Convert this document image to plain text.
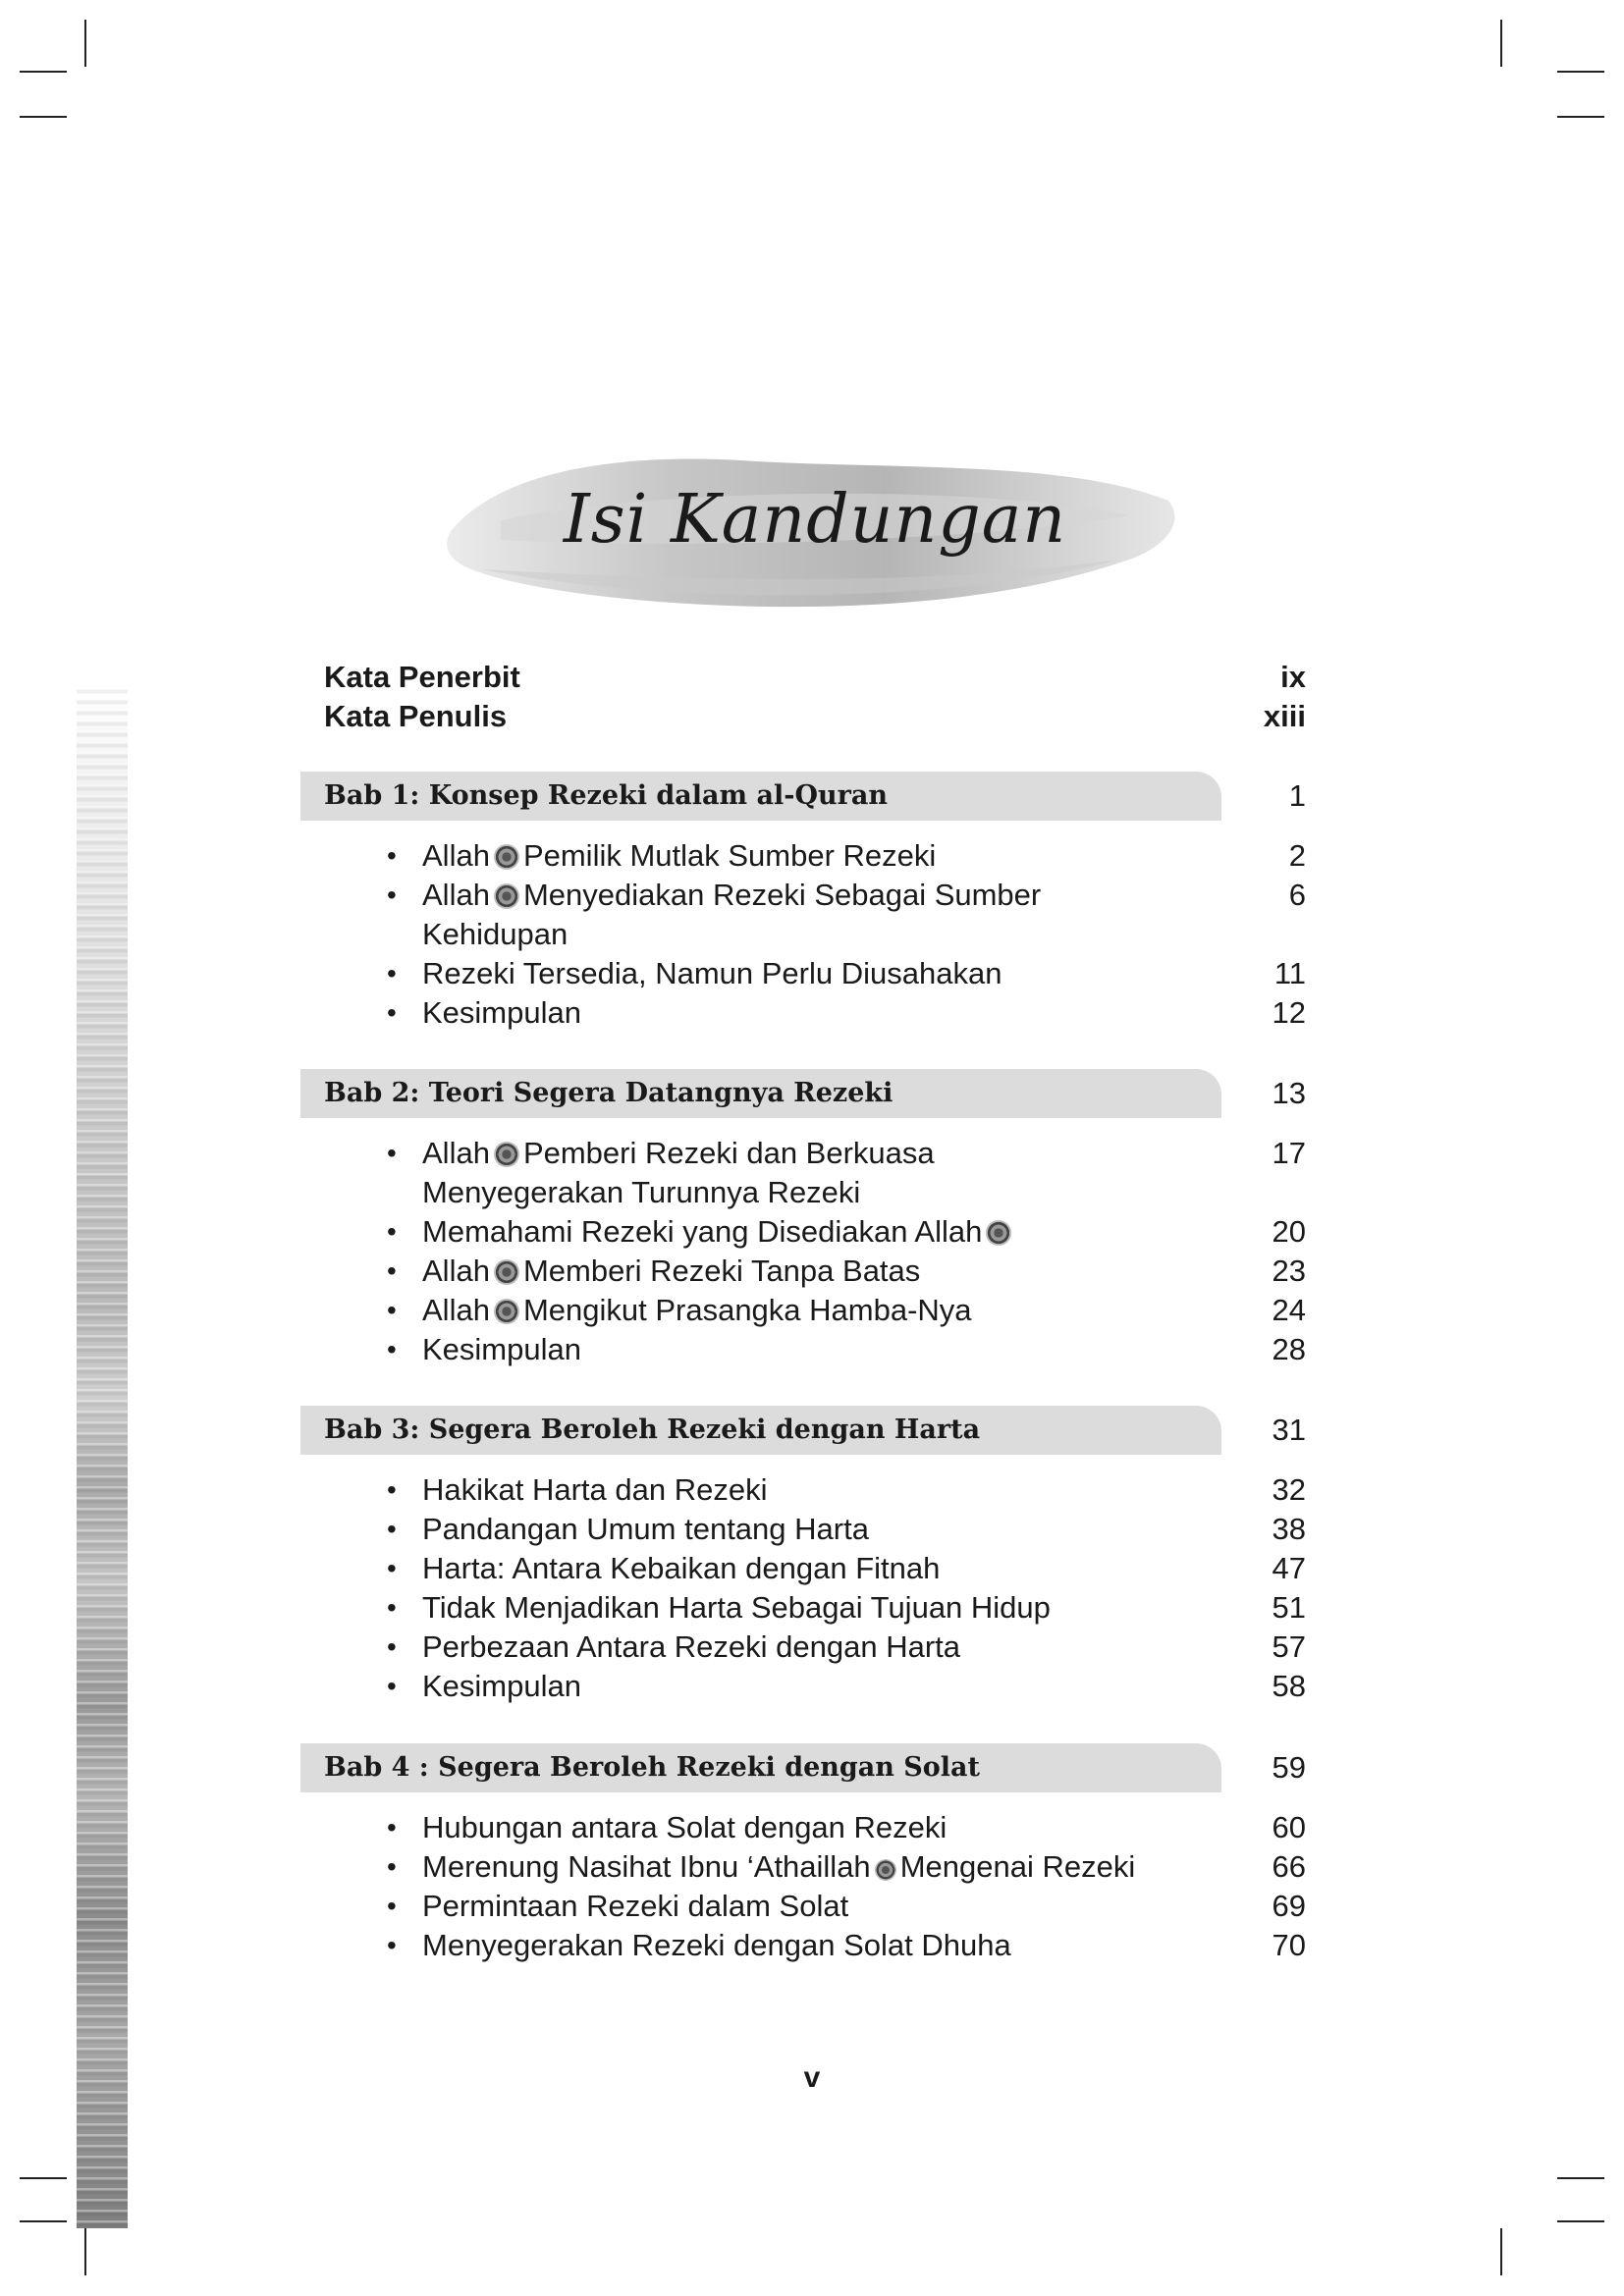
Isi Kandungan
Kata Penerbit	ix
Kata Penulis	xiii
Bab 1: Konsep Rezeki dalam al-Quran	1
• Allah Pemilik Mutlak Sumber Rezeki	2
• Allah Menyediakan Rezeki Sebagai Sumber	6
Kehidupan
• Rezeki Tersedia, Namun Perlu Diusahakan	11
• Kesimpulan	12
Bab 2: Teori Segera Datangnya Rezeki	13
• Allah Pemberi Rezeki dan Berkuasa	17
Menyegerakan Turunnya Rezeki
• Memahami Rezeki yang Disediakan Allah	20
• Allah Memberi Rezeki Tanpa Batas	23
• Allah Mengikut Prasangka Hamba-Nya	24
• Kesimpulan	28
Bab 3: Segera Beroleh Rezeki dengan Harta	31
• Hakikat Harta dan Rezeki	32
• Pandangan Umum tentang Harta	38
• Harta: Antara Kebaikan dengan Fitnah	47
• Tidak Menjadikan Harta Sebagai Tujuan Hidup	51
• Perbezaan Antara Rezeki dengan Harta	57
• Kesimpulan	58
Bab 4 : Segera Beroleh Rezeki dengan Solat	59
• Hubungan antara Solat dengan Rezeki	60
• Merenung Nasihat Ibnu ‘Athaillah Mengenai Rezeki	66
• Permintaan Rezeki dalam Solat	69
• Menyegerakan Rezeki dengan Solat Dhuha	70
v
